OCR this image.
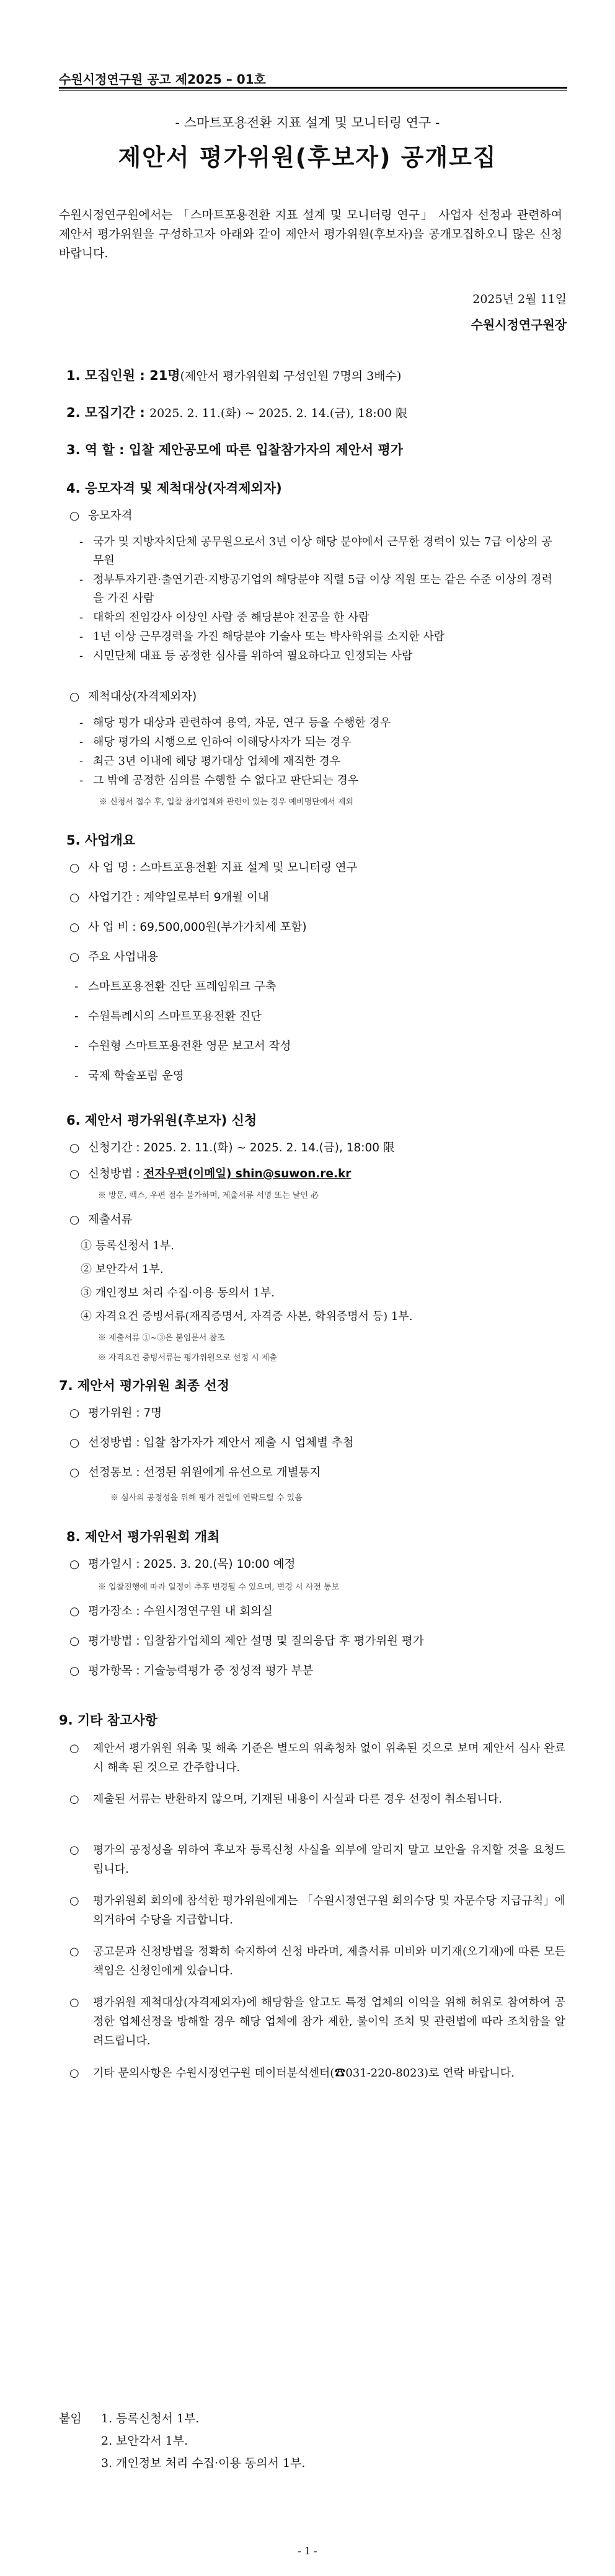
수원시정연구원 공고 제2025 – 01호
- 스마트포용전환 지표 설계 및 모니터링 연구 -
제안서 평가위원(후보자) 공개모집
수원시정연구원에서는 「스마트포용전환 지표 설계 및 모니터링 연구」 사업자 선정과 관련하여 제안서 평가위원을 구성하고자 아래와 같이 제안서 평가위원(후보자)을 공개모집하오니 많은 신청 바랍니다.
2025년 2월 11일
수원시정연구원장
1. 모집인원 : 21명(제안서 평가위원회 구성인원 7명의 3배수)
2. 모집기간 : 2025. 2. 11.(화) ~ 2025. 2. 14.(금), 18:00 限
3. 역 할 : 입찰 제안공모에 따른 입찰참가자의 제안서 평가
4. 응모자격 및 제척대상(자격제외자)
○ 응모자격
- 국가 및 지방자치단체 공무원으로서 3년 이상 해당 분야에서 근무한 경력이 있는 7급 이상의 공무원
- 정부투자기관·출연기관·지방공기업의 해당분야 직렬 5급 이상 직원 또는 같은 수준 이상의 경력을 가진 사람
- 대학의 전임강사 이상인 사람 중 해당분야 전공을 한 사람
- 1년 이상 근무경력을 가진 해당분야 기술사 또는 박사학위를 소지한 사람
- 시민단체 대표 등 공정한 심사를 위하여 필요하다고 인정되는 사람
○ 제척대상(자격제외자)
- 해당 평가 대상과 관련하여 용역, 자문, 연구 등을 수행한 경우
- 해당 평가의 시행으로 인하여 이해당사자가 되는 경우
- 최근 3년 이내에 해당 평가대상 업체에 재직한 경우
- 그 밖에 공정한 심의를 수행할 수 없다고 판단되는 경우
※ 신청서 접수 후, 입찰 참가업체와 관련이 있는 경우 예비명단에서 제외
5. 사업개요
○ 사 업 명 : 스마트포용전환 지표 설계 및 모니터링 연구
○ 사업기간 : 계약일로부터 9개월 이내
○ 사 업 비 : 69,500,000원(부가가치세 포함)
○ 주요 사업내용
- 스마트포용전환 진단 프레임워크 구축
- 수원특례시의 스마트포용전환 진단
- 수원형 스마트포용전환 영문 보고서 작성
- 국제 학술포럼 운영
6. 제안서 평가위원(후보자) 신청
○ 신청기간 : 2025. 2. 11.(화) ~ 2025. 2. 14.(금), 18:00 限
○ 신청방법 : 전자우편(이메일) shin@suwon.re.kr
※ 방문, 팩스, 우편 접수 불가하며, 제출서류 서명 또는 날인 必
○ 제출서류
① 등록신청서 1부.
② 보안각서 1부.
③ 개인정보 처리 수집·이용 동의서 1부.
④ 자격요건 증빙서류(재직증명서, 자격증 사본, 학위증명서 등) 1부.
※ 제출서류 ①~③은 붙임문서 참조
※ 자격요건 증빙서류는 평가위원으로 선정 시 제출
7. 제안서 평가위원 최종 선정
○ 평가위원 : 7명
○ 선정방법 : 입찰 참가자가 제안서 제출 시 업체별 추첨
○ 선정통보 : 선정된 위원에게 유선으로 개별통지
※ 심사의 공정성을 위해 평가 전일에 연락드릴 수 있음
8. 제안서 평가위원회 개최
○ 평가일시 : 2025. 3. 20.(목) 10:00 예정
※ 입찰진행에 따라 일정이 추후 변경될 수 있으며, 변경 시 사전 통보
○ 평가장소 : 수원시정연구원 내 회의실
○ 평가방법 : 입찰참가업체의 제안 설명 및 질의응답 후 평가위원 평가
○ 평가항목 : 기술능력평가 중 정성적 평가 부분
9. 기타 참고사항
○	제안서 평가위원 위촉 및 해촉 기준은 별도의 위촉청차 없이 위촉된 것으로 보며 제안서 심사 완료시 해촉 된 것으로 간주합니다.
○	제출된 서류는 반환하지 않으며, 기재된 내용이 사실과 다른 경우 선정이 취소됩니다.
○	평가의 공정성을 위하여 후보자 등록신청 사실을 외부에 알리지 말고 보안을 유지할 것을 요청드립니다.
○	평가위원회 회의에 참석한 평가위원에게는 「수원시정연구원 회의수당 및 자문수당 지급규칙」에 의거하여 수당을 지급합니다.
○	공고문과 신청방법을 정확히 숙지하여 신청 바라며, 제출서류 미비와 미기재(오기재)에 따른 모든 책임은 신청인에게 있습니다.
○	평가위원 제척대상(자격제외자)에 해당함을 알고도 특정 업체의 이익을 위해 허위로 참여하여 공정한 업체선정을 방해할 경우 해당 업체에 참가 제한, 불이익 조치 및 관련법에 따라 조치함을 알려드립니다.
○	기타 문의사항은 수원시정연구원 데이터분석센터(☎031-220-8023)로 연락 바랍니다.
붙임 1. 등록신청서 1부.
2. 보안각서 1부.
3. 개인정보 처리 수집·이용 동의서 1부.
- 1 -
